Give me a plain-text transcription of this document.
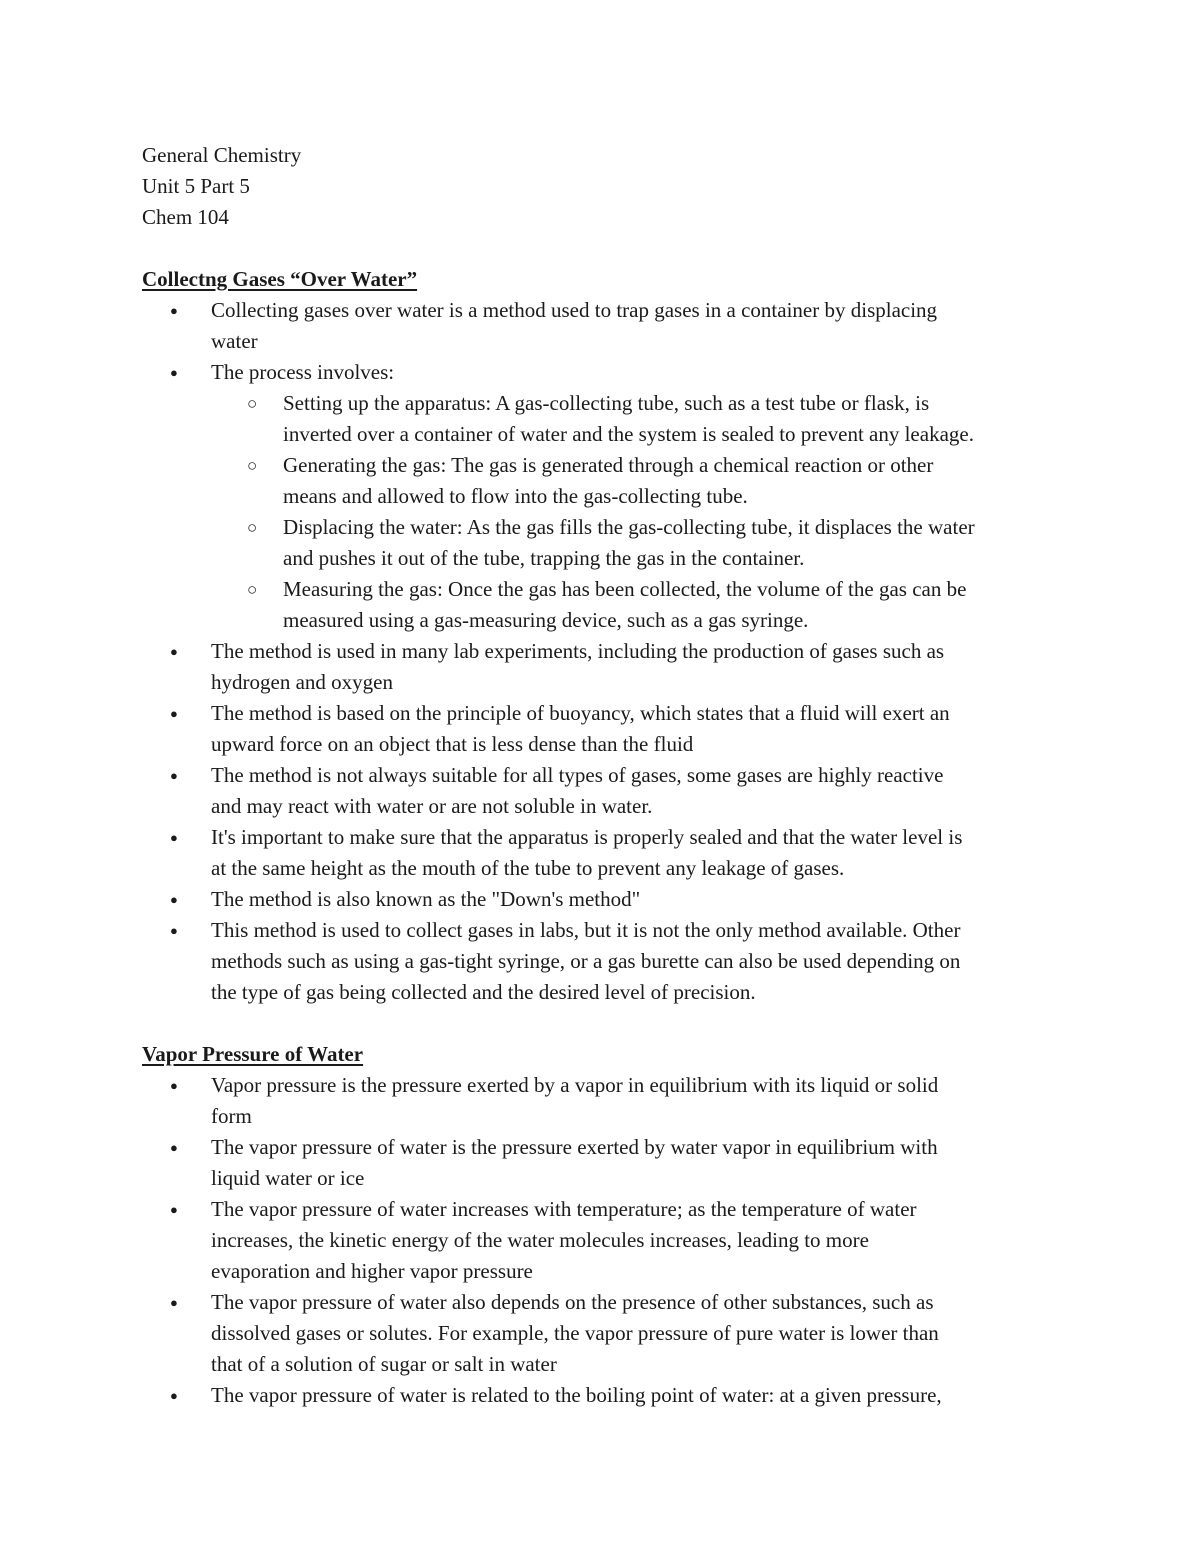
General Chemistry
Unit 5 Part 5
Chem 104
Collectng Gases “Over Water”
● Collecting gases over water is a method used to trap gases in a container by displacing
water
● The process involves:
○ Setting up the apparatus: A gas-collecting tube, such as a test tube or flask, is
inverted over a container of water and the system is sealed to prevent any leakage.
○ Generating the gas: The gas is generated through a chemical reaction or other
means and allowed to flow into the gas-collecting tube.
○ Displacing the water: As the gas fills the gas-collecting tube, it displaces the water
and pushes it out of the tube, trapping the gas in the container.
○ Measuring the gas: Once the gas has been collected, the volume of the gas can be
measured using a gas-measuring device, such as a gas syringe.
● The method is used in many lab experiments, including the production of gases such as
hydrogen and oxygen
● The method is based on the principle of buoyancy, which states that a fluid will exert an
upward force on an object that is less dense than the fluid
● The method is not always suitable for all types of gases, some gases are highly reactive
and may react with water or are not soluble in water.
● It's important to make sure that the apparatus is properly sealed and that the water level is
at the same height as the mouth of the tube to prevent any leakage of gases.
● The method is also known as the "Down's method"
● This method is used to collect gases in labs, but it is not the only method available. Other
methods such as using a gas-tight syringe, or a gas burette can also be used depending on
the type of gas being collected and the desired level of precision.
Vapor Pressure of Water
● Vapor pressure is the pressure exerted by a vapor in equilibrium with its liquid or solid
form
● The vapor pressure of water is the pressure exerted by water vapor in equilibrium with
liquid water or ice
● The vapor pressure of water increases with temperature; as the temperature of water
increases, the kinetic energy of the water molecules increases, leading to more
evaporation and higher vapor pressure
● The vapor pressure of water also depends on the presence of other substances, such as
dissolved gases or solutes. For example, the vapor pressure of pure water is lower than
that of a solution of sugar or salt in water
● The vapor pressure of water is related to the boiling point of water: at a given pressure,
